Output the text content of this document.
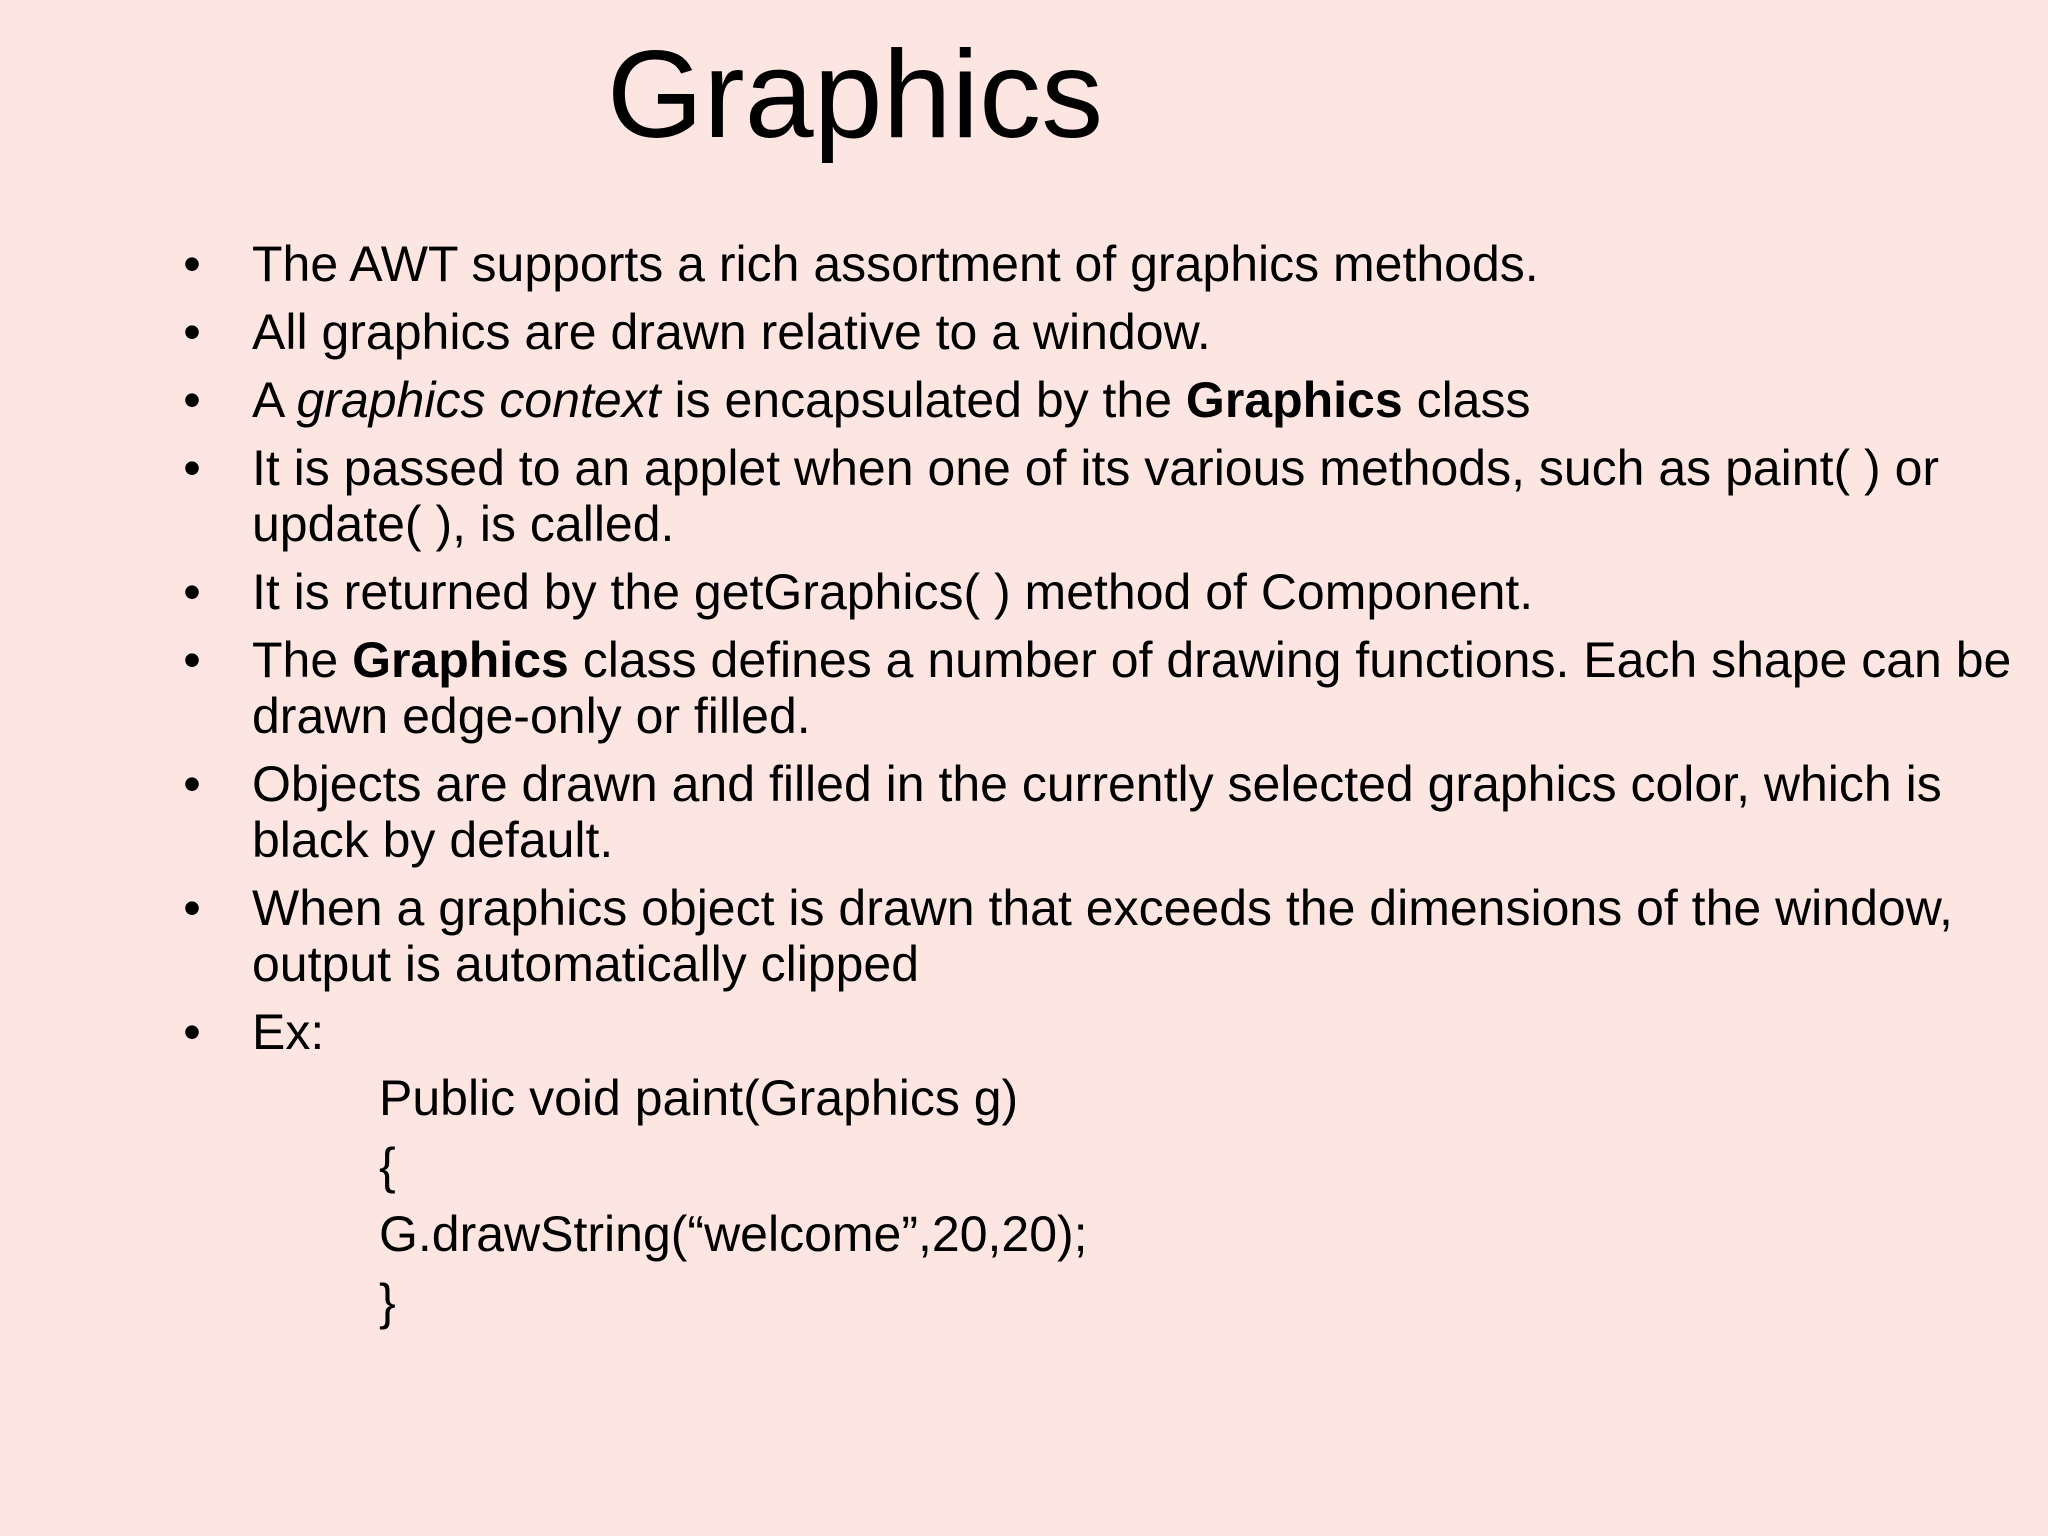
Graphics
• The AWT supports a rich assortment of graphics methods.
• All graphics are drawn relative to a window.
• A graphics context is encapsulated by the Graphics class
• It is passed to an applet when one of its various methods, such as paint( ) or update( ), is called.
• It is returned by the getGraphics( ) method of Component.
• The Graphics class defines a number of drawing functions. Each shape can be drawn edge-only or filled.
• Objects are drawn and filled in the currently selected graphics color, which is black by default.
• When a graphics object is drawn that exceeds the dimensions of the window, output is automatically clipped
• Ex:
Public void paint(Graphics g)
{
G.drawString(“welcome”,20,20);
}
